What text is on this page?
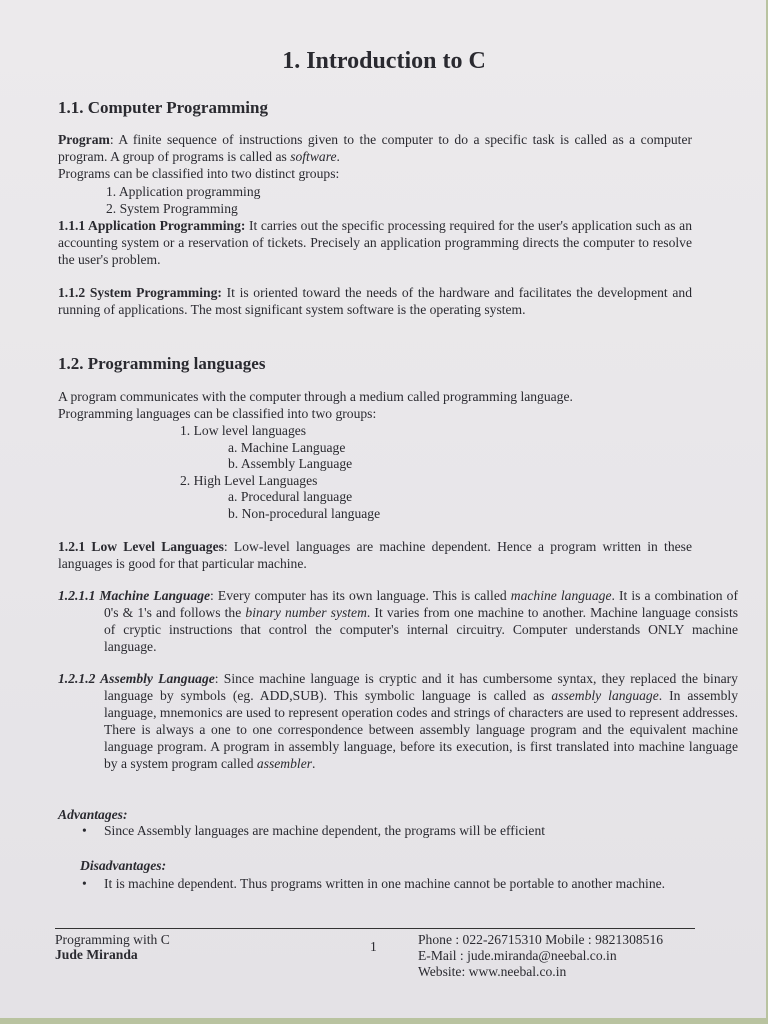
1. Introduction to C
1.1. Computer Programming
Program: A finite sequence of instructions given to the computer to do a specific task is called as a computer program. A group of programs is called as software.
Programs can be classified into two distinct groups:
1. Application programming
2. System Programming
1.1.1 Application Programming: It carries out the specific processing required for the user's application such as an accounting system or a reservation of tickets. Precisely an application programming directs the computer to resolve the user's problem.
1.1.2 System Programming: It is oriented toward the needs of the hardware and facilitates the development and running of applications. The most significant system software is the operating system.
1.2. Programming languages
A program communicates with the computer through a medium called programming language.
Programming languages can be classified into two groups:
1. Low level languages
a. Machine Language
b. Assembly Language
2. High Level Languages
a. Procedural language
b. Non-procedural language
1.2.1 Low Level Languages: Low-level languages are machine dependent. Hence a program written in these languages is good for that particular machine.
1.2.1.1 Machine Language: Every computer has its own language. This is called machine language. It is a combination of 0's & 1's and follows the binary number system. It varies from one machine to another. Machine language consists of cryptic instructions that control the computer's internal circuitry. Computer understands ONLY machine language.
1.2.1.2 Assembly Language: Since machine language is cryptic and it has cumbersome syntax, they replaced the binary language by symbols (eg. ADD,SUB). This symbolic language is called as assembly language. In assembly language, mnemonics are used to represent operation codes and strings of characters are used to represent addresses. There is always a one to one correspondence between assembly language program and the equivalent machine language program. A program in assembly language, before its execution, is first translated into machine language by a system program called assembler.
Advantages:
• Since Assembly languages are machine dependent, the programs will be efficient
Disadvantages:
• It is machine dependent. Thus programs written in one machine cannot be portable to another machine.
Programming with C
Jude Miranda
1	Phone : 022-26715310 Mobile : 9821308516
E-Mail : jude.miranda@neebal.co.in
Website: www.neebal.co.in
